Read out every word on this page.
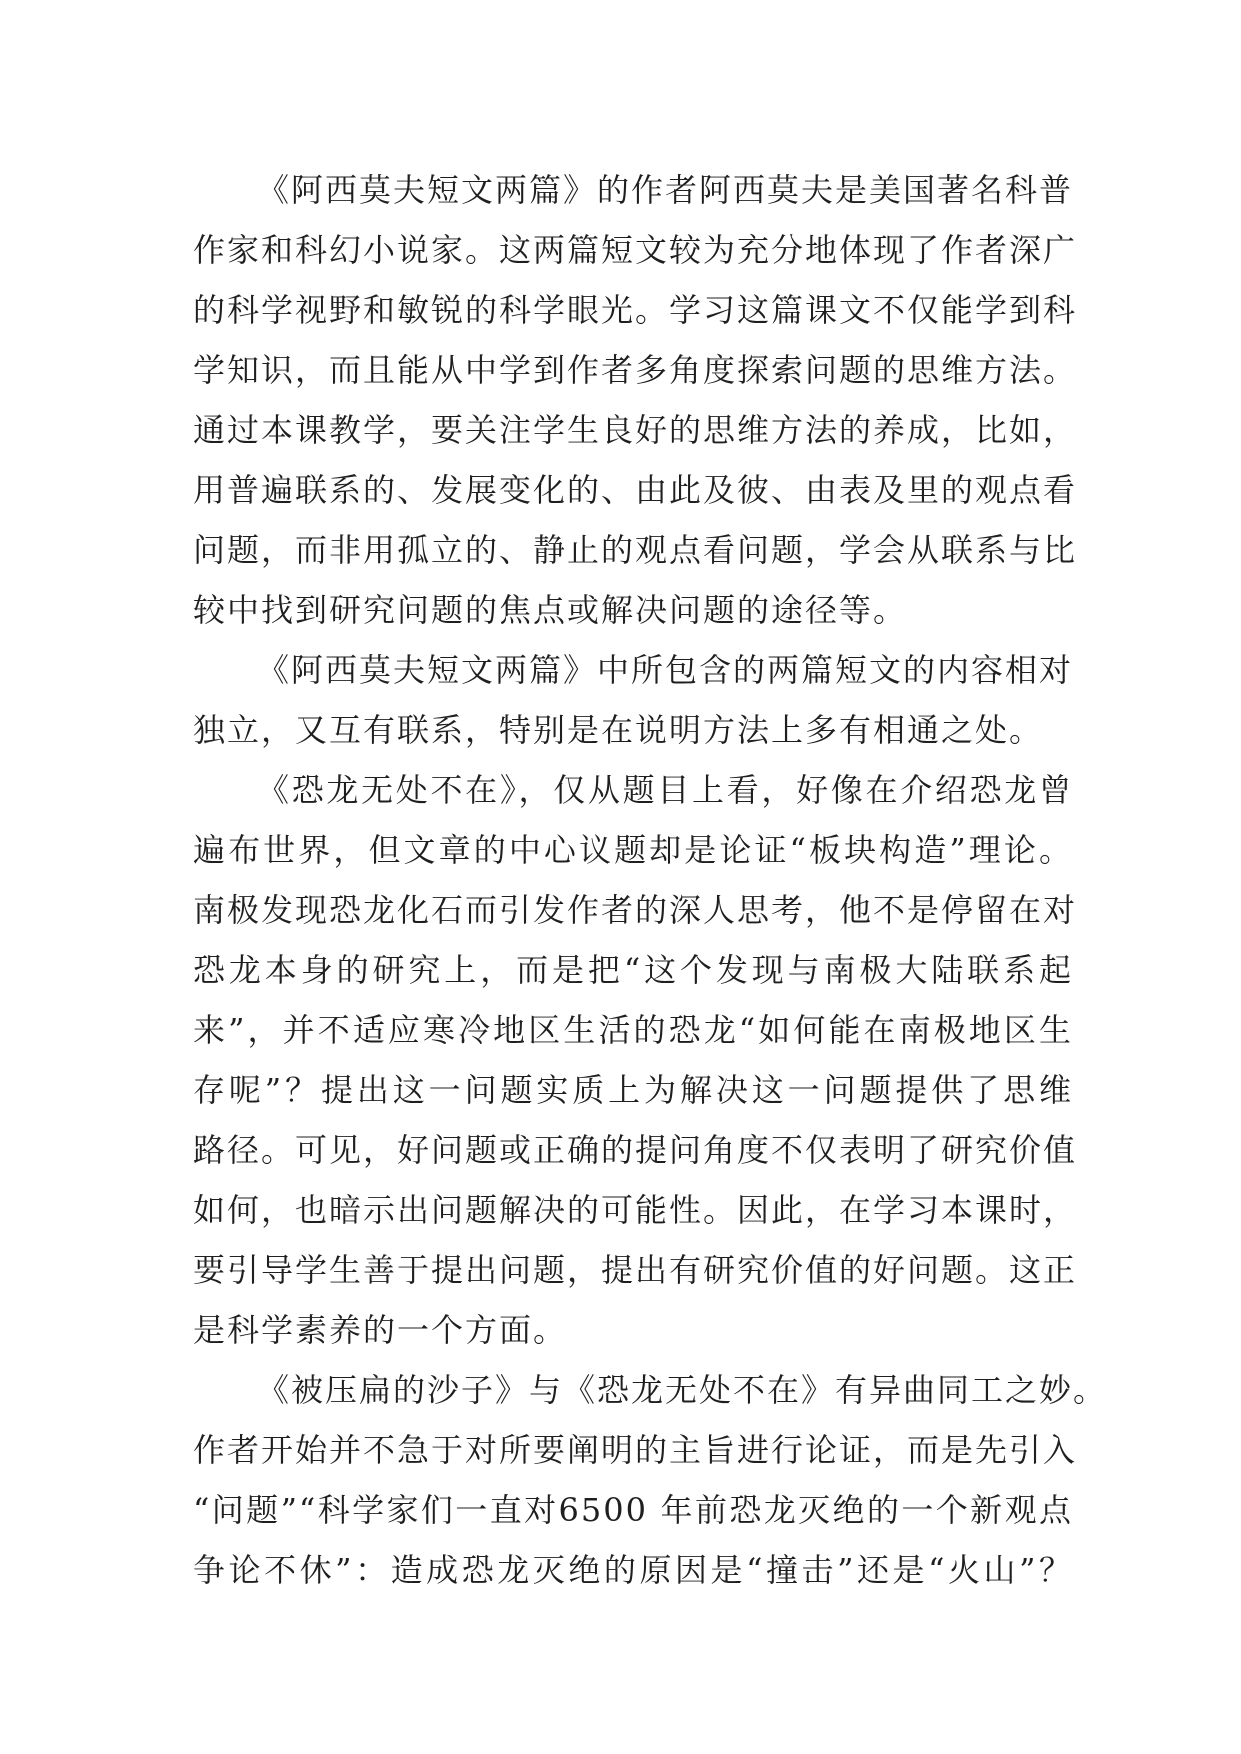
《阿西莫夫短文两篇》的作者阿西莫夫是美国著名科普
作家和科幻小说家。这两篇短文较为充分地体现了作者深广
的科学视野和敏锐的科学眼光。学习这篇课文不仅能学到科
学知识，而且能从中学到作者多角度探索问题的思维方法。
通过本课教学，要关注学生良好的思维方法的养成，比如，
用普遍联系的、发展变化的、由此及彼、由表及里的观点看
问题，而非用孤立的、静止的观点看问题，学会从联系与比
较中找到研究问题的焦点或解决问题的途径等。
《阿西莫夫短文两篇》中所包含的两篇短文的内容相对
独立，又互有联系，特别是在说明方法上多有相通之处。
《恐龙无处不在》，仅从题目上看，好像在介绍恐龙曾
遍布世界，但文章的中心议题却是论证“板块构造”理论。
南极发现恐龙化石而引发作者的深人思考，他不是停留在对
恐龙本身的研究上，而是把“这个发现与南极大陆联系起
来”，并不适应寒冷地区生活的恐龙“如何能在南极地区生
存呢”？提出这一问题实质上为解决这一问题提供了思维
路径。可见，好问题或正确的提问角度不仅表明了研究价值
如何，也暗示出问题解决的可能性。因此，在学习本课时，
要引导学生善于提出问题，提出有研究价值的好问题。这正
是科学素养的一个方面。
《被压扁的沙子》与《恐龙无处不在》有异曲同工之妙。
作者开始并不急于对所要阐明的主旨进行论证，而是先引入
“问题”“科学家们一直对6500 年前恐龙灭绝的一个新观点
争论不休”：造成恐龙灭绝的原因是“撞击”还是“火山”？
